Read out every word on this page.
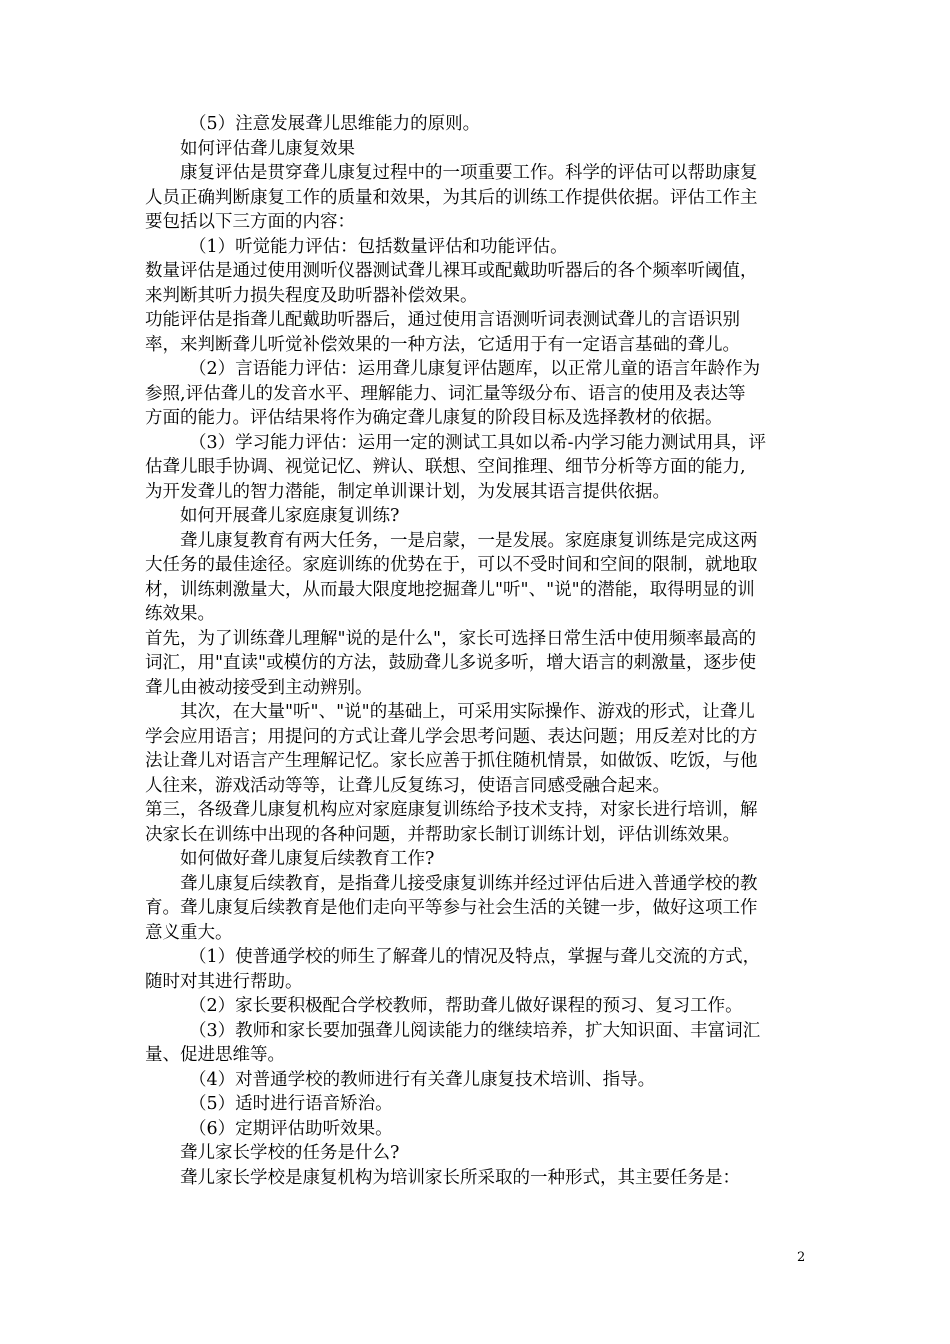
（5）注意发展聋儿思维能力的原则。
如何评估聋儿康复效果
康复评估是贯穿聋儿康复过程中的一项重要工作。科学的评估可以帮助康复
人员正确判断康复工作的质量和效果，为其后的训练工作提供依据。评估工作主
要包括以下三方面的内容：
（1）听觉能力评估：包括数量评估和功能评估。
数量评估是通过使用测听仪器测试聋儿裸耳或配戴助听器后的各个频率听阈值，
来判断其听力损失程度及助听器补偿效果。
功能评估是指聋儿配戴助听器后，通过使用言语测听词表测试聋儿的言语识别
率，来判断聋儿听觉补偿效果的一种方法，它适用于有一定语言基础的聋儿。
（2）言语能力评估：运用聋儿康复评估题库，以正常儿童的语言年龄作为
参照,评估聋儿的发音水平、理解能力、词汇量等级分布、语言的使用及表达等
方面的能力。评估结果将作为确定聋儿康复的阶段目标及选择教材的依据。
（3）学习能力评估：运用一定的测试工具如以希-内学习能力测试用具，评
估聋儿眼手协调、视觉记忆、辨认、联想、空间推理、细节分析等方面的能力,
为开发聋儿的智力潜能，制定单训课计划，为发展其语言提供依据。
如何开展聋儿家庭康复训练?
聋儿康复教育有两大任务，一是启蒙，一是发展。家庭康复训练是完成这两
大任务的最佳途径。家庭训练的优势在于，可以不受时间和空间的限制，就地取
材，训练刺激量大，从而最大限度地挖掘聋儿"听"、"说"的潜能，取得明显的训
练效果。
首先，为了训练聋儿理解"说的是什么"，家长可选择日常生活中使用频率最高的
词汇，用"直读"或模仿的方法，鼓励聋儿多说多听，增大语言的刺激量，逐步使
聋儿由被动接受到主动辨别。
其次，在大量"听"、"说"的基础上，可采用实际操作、游戏的形式，让聋儿
学会应用语言；用提问的方式让聋儿学会思考问题、表达问题；用反差对比的方
法让聋儿对语言产生理解记忆。家长应善于抓住随机情景，如做饭、吃饭，与他
人往来，游戏活动等等，让聋儿反复练习，使语言同感受融合起来。
第三，各级聋儿康复机构应对家庭康复训练给予技术支持，对家长进行培训，解
决家长在训练中出现的各种问题，并帮助家长制订训练计划，评估训练效果。
如何做好聋儿康复后续教育工作?
聋儿康复后续教育，是指聋儿接受康复训练并经过评估后进入普通学校的教
育。聋儿康复后续教育是他们走向平等参与社会生活的关键一步，做好这项工作
意义重大。
（1）使普通学校的师生了解聋儿的情况及特点，掌握与聋儿交流的方式，
随时对其进行帮助。
（2）家长要积极配合学校教师，帮助聋儿做好课程的预习、复习工作。
（3）教师和家长要加强聋儿阅读能力的继续培养，扩大知识面、丰富词汇
量、促进思维等。
（4）对普通学校的教师进行有关聋儿康复技术培训、指导。
（5）适时进行语音矫治。
（6）定期评估助听效果。
聋儿家长学校的任务是什么?
聋儿家长学校是康复机构为培训家长所采取的一种形式，其主要任务是：
2
